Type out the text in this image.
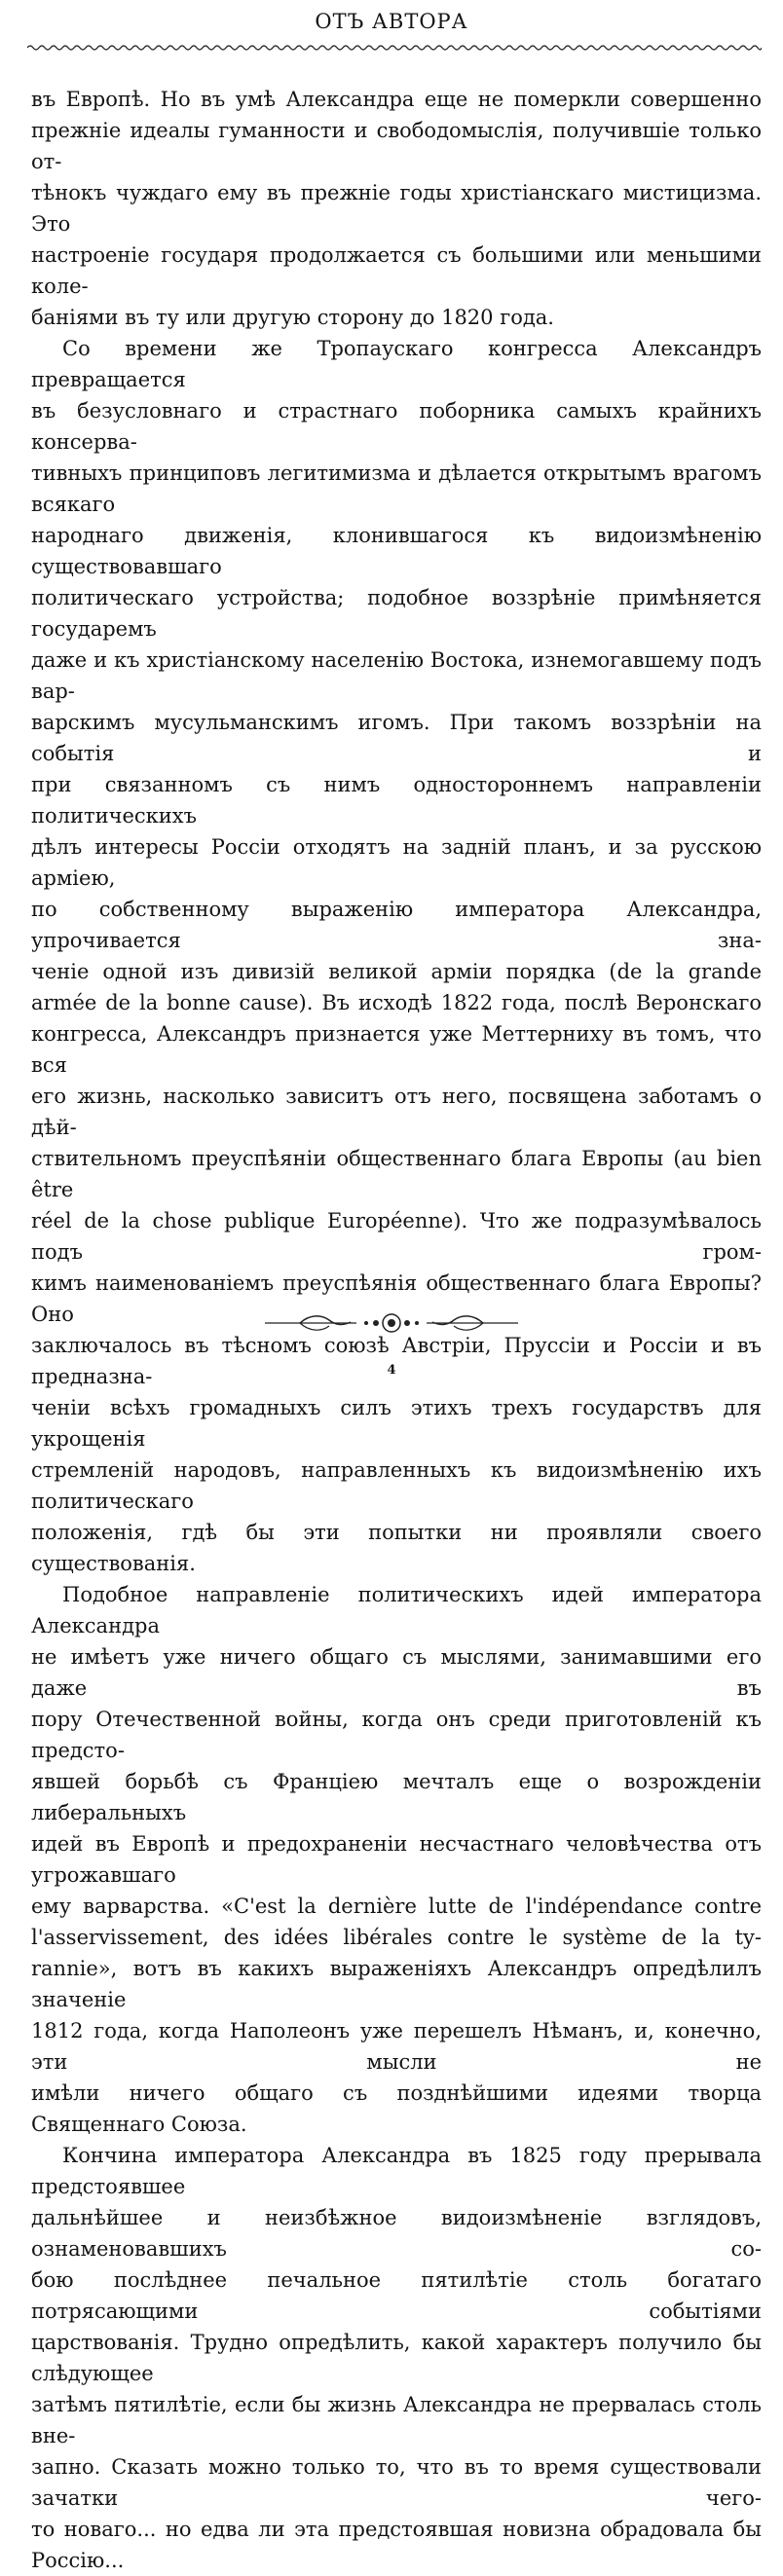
ОТЪ АВТОРА

въ Европѣ. Но въ умѣ Александра еще не померкли совершенно

прежніе идеалы гуманности и свободомыслія, получившіе только от-

тѣнокъ чуждаго ему въ прежніе годы христіанскаго мистицизма. Это

настроеніе государя продолжается съ большими или меньшими коле-

баніями въ ту или другую сторону до 1820 года.

Со времени же Тропаускаго конгресса Александръ превращается

въ безусловнаго и страстнаго поборника самыхъ крайнихъ консерва-

тивныхъ принциповъ легитимизма и дѣлается открытымъ врагомъ всякаго

народнаго движенія, клонившагося къ видоизмѣненію существовавшаго

политическаго устройства; подобное воззрѣніе примѣняется государемъ

даже и къ христіанскому населенію Востока, изнемогавшему подъ вар-

варскимъ мусульманскимъ игомъ. При такомъ воззрѣніи на событія и

при связанномъ съ нимъ одностороннемъ направленіи политическихъ

дѣлъ интересы Россіи отходятъ на задній планъ, и за русскою арміею,

по собственному выраженію императора Александра, упрочивается зна-

ченіе одной изъ дивизій великой арміи порядка (de la grande

armée de la bonne cause). Въ исходѣ 1822 года, послѣ Веронскаго

конгресса, Александръ признается уже Меттерниху въ томъ, что вся

его жизнь, насколько зависитъ отъ него, посвящена заботамъ о дѣй-

ствительномъ преуспѣяніи общественнаго блага Европы (au bien être

réel de la chose publique Européenne). Что же подразумѣвалось подъ гром-

кимъ наименованіемъ преуспѣянія общественнаго блага Европы? Оно

заключалось въ тѣсномъ союзѣ Австріи, Пруссіи и Россіи и въ предназна-

ченіи всѣхъ громадныхъ силъ этихъ трехъ государствъ для укрощенія

стремленій народовъ, направленныхъ къ видоизмѣненію ихъ политическаго

положенія, гдѣ бы эти попытки ни проявляли своего существованія.

Подобное направленіе политическихъ идей императора Александра

не имѣетъ уже ничего общаго съ мыслями, занимавшими его даже въ

пору Отечественной войны, когда онъ среди приготовленій къ предсто-

явшей борьбѣ съ Франціею мечталъ еще о возрожденіи либеральныхъ

идей въ Европѣ и предохраненіи несчастнаго человѣчества отъ угрожавшаго

ему варварства. «C'est la dernière lutte de l'indépendance contre

l'asservissement, des idées libérales contre le système de la ty-

rannie», вотъ въ какихъ выраженіяхъ Александръ опредѣлилъ значеніе

1812 года, когда Наполеонъ уже перешелъ Нѣманъ, и, конечно, эти мысли не

имѣли ничего общаго съ позднѣйшими идеями творца Священнаго Союза.

Кончина императора Александра въ 1825 году прерывала предстоявшее

дальнѣйшее и неизбѣжное видоизмѣненіе взглядовъ, ознаменовавшихъ со-

бою послѣднее печальное пятилѣтіе столь богатаго потрясающими событіями

царствованія. Трудно опредѣлить, какой характеръ получило бы слѣдующее

затѣмъ пятилѣтіе, если бы жизнь Александра не прервалась столь вне-

запно. Сказать можно только то, что въ то время существовали зачатки чего-

то новаго... но едва ли эта предстоявшая новизна обрадовала бы Россію...

4
